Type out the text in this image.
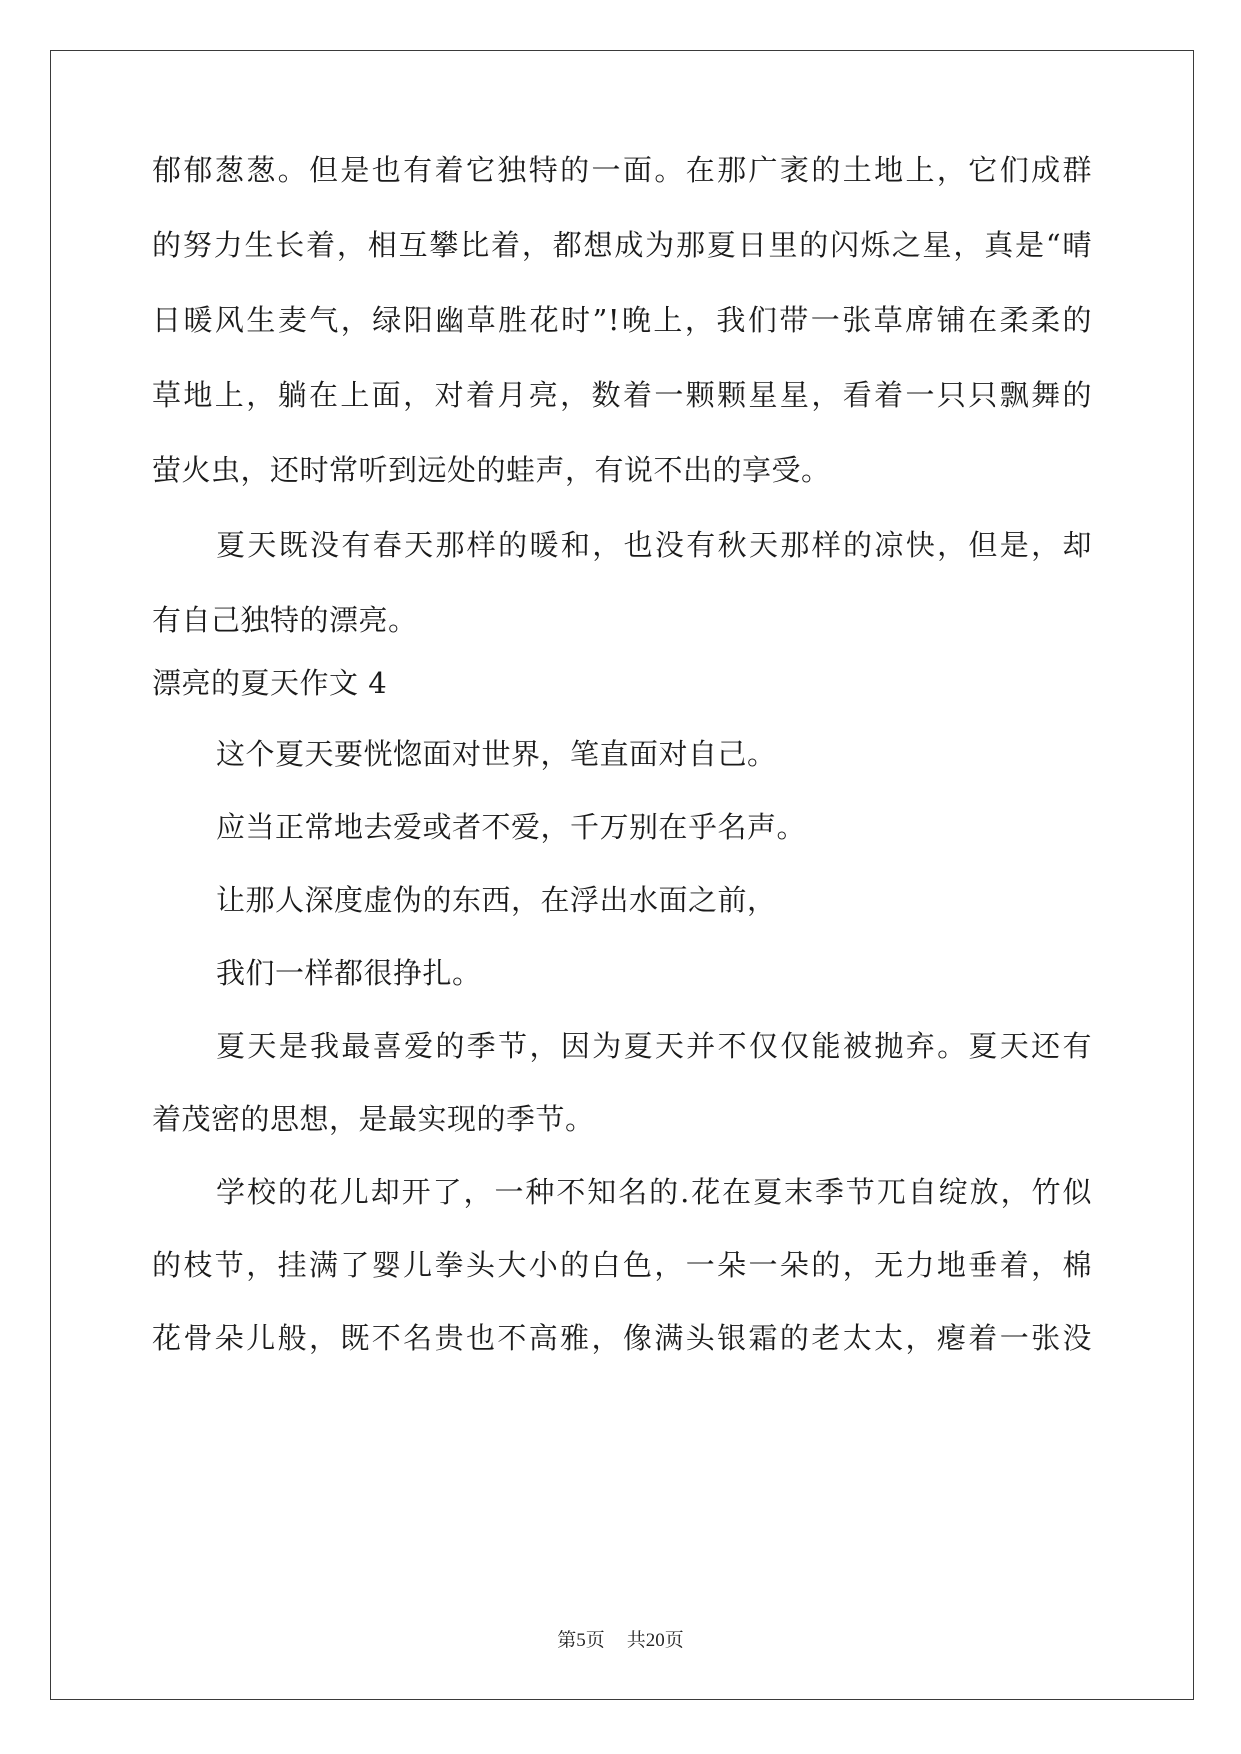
郁郁葱葱。但是也有着它独特的一面。在那广袤的土地上，它们成群
的努力生长着，相互攀比着，都想成为那夏日里的闪烁之星，真是“晴
日暖风生麦气，绿阳幽草胜花时”!晚上，我们带一张草席铺在柔柔的
草地上，躺在上面，对着月亮，数着一颗颗星星，看着一只只飘舞的
萤火虫，还时常听到远处的蛙声，有说不出的享受。
夏天既没有春天那样的暖和，也没有秋天那样的凉快，但是，却
有自己独特的漂亮。
漂亮的夏天作文 4
这个夏天要恍惚面对世界，笔直面对自己。
应当正常地去爱或者不爱，千万别在乎名声。
让那人深度虚伪的东西，在浮出水面之前，
我们一样都很挣扎。
夏天是我最喜爱的季节，因为夏天并不仅仅能被抛弃。夏天还有
着茂密的思想，是最实现的季节。
学校的花儿却开了，一种不知名的.花在夏末季节兀自绽放，竹似
的枝节，挂满了婴儿拳头大小的白色，一朵一朵的，无力地垂着，棉
花骨朵儿般，既不名贵也不高雅，像满头银霜的老太太，瘪着一张没
第5页 共20页
